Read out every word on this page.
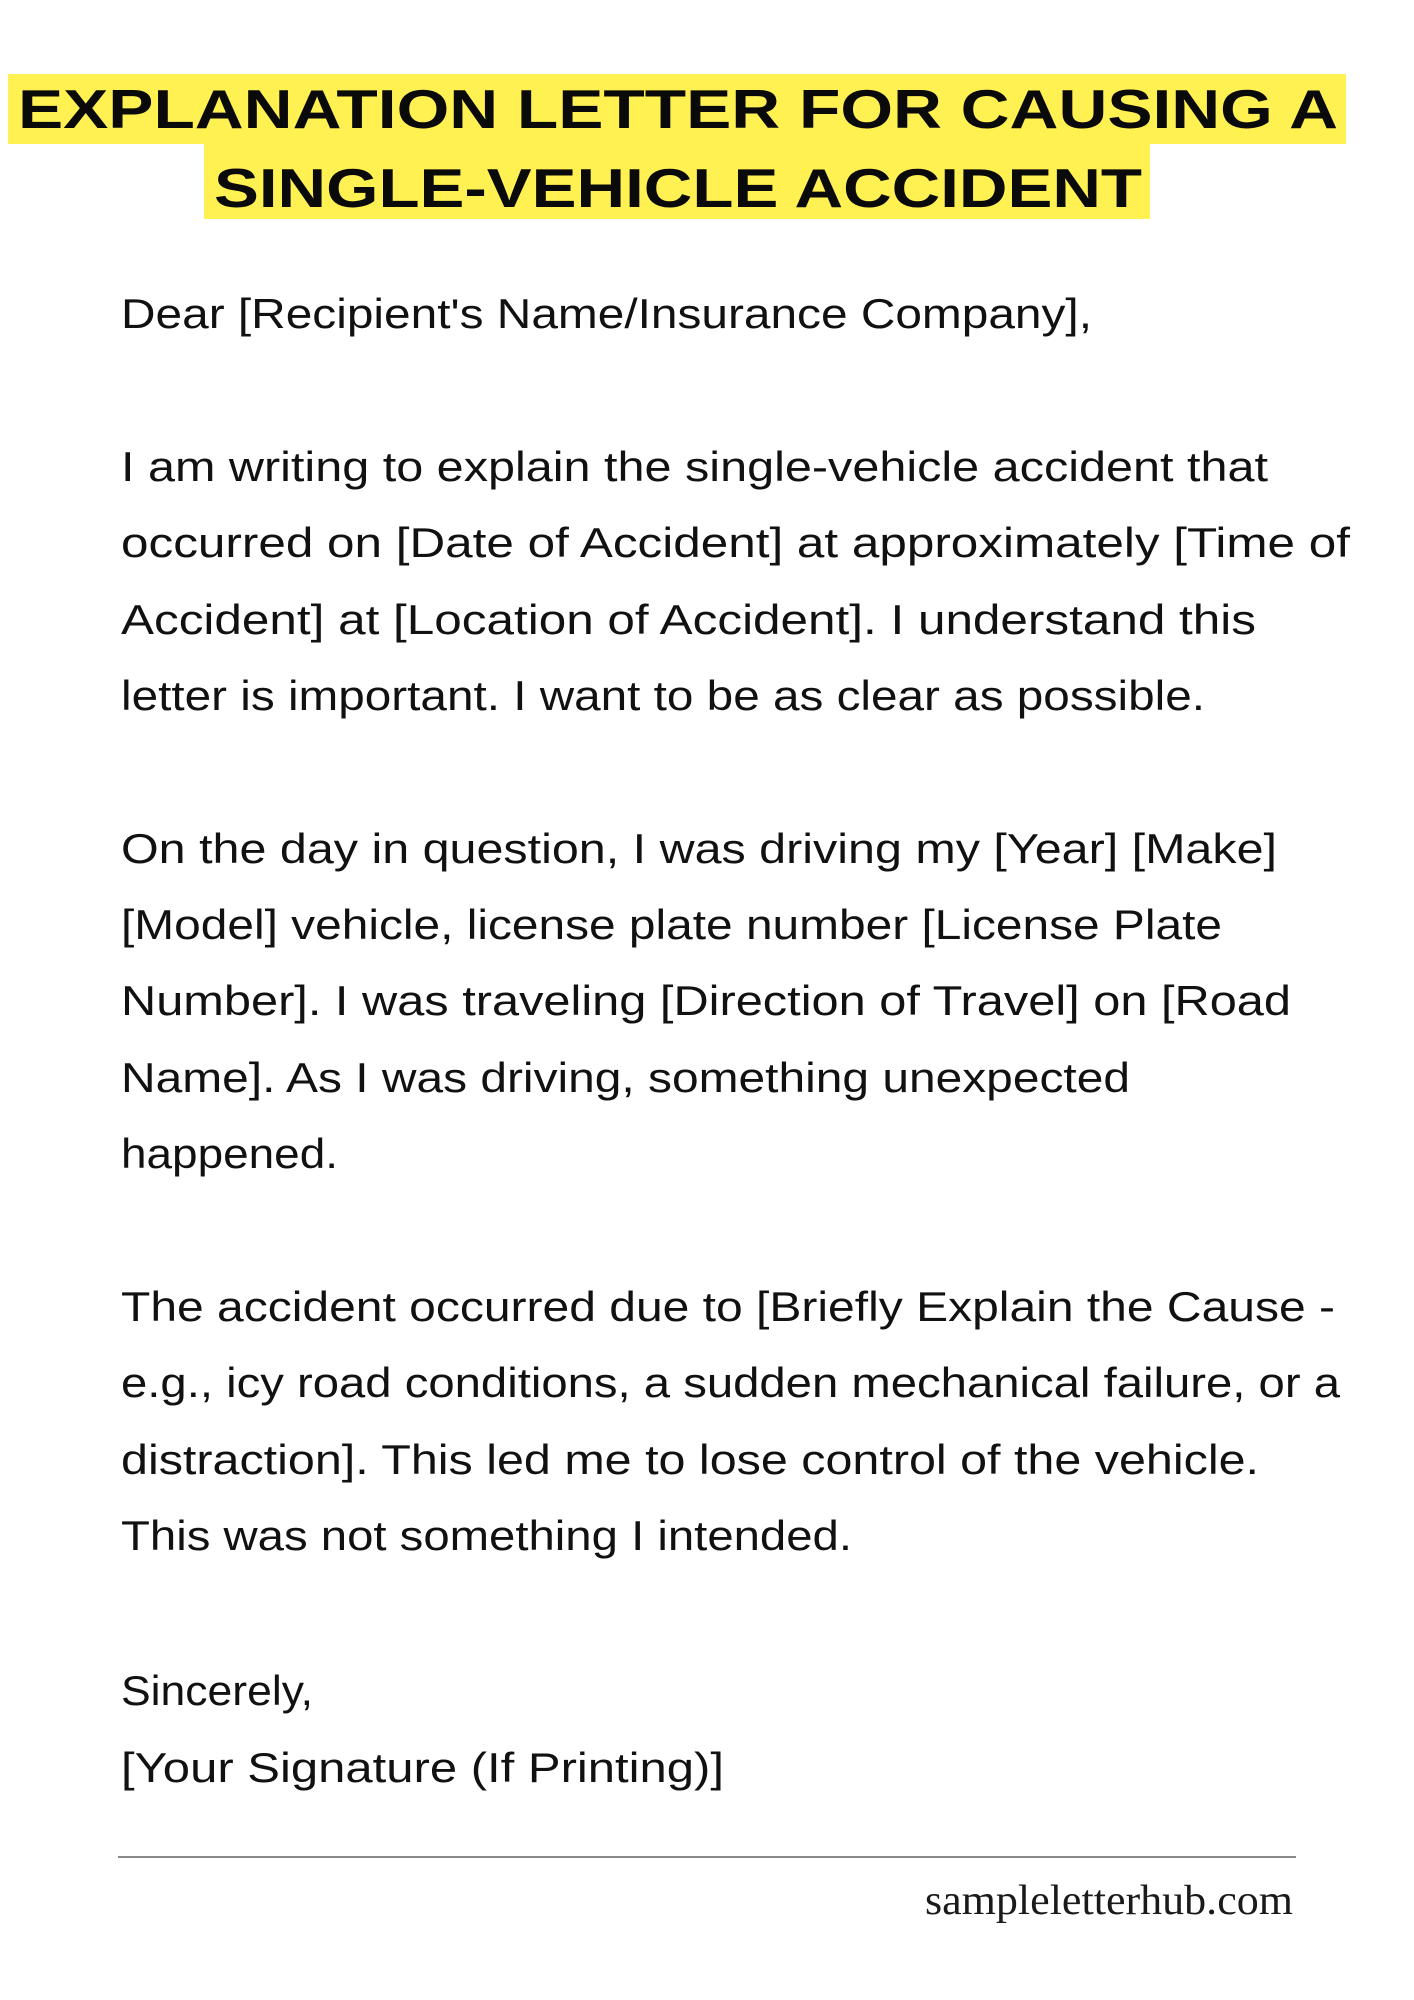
EXPLANATION LETTER FOR CAUSING A
SINGLE-VEHICLE ACCIDENT
Dear [Recipient's Name/Insurance Company],
I am writing to explain the single-vehicle accident that
occurred on [Date of Accident] at approximately [Time of
Accident] at [Location of Accident]. I understand this
letter is important. I want to be as clear as possible.
On the day in question, I was driving my [Year] [Make]
[Model] vehicle, license plate number [License Plate
Number]. I was traveling [Direction of Travel] on [Road
Name]. As I was driving, something unexpected
happened.
The accident occurred due to [Briefly Explain the Cause -
e.g., icy road conditions, a sudden mechanical failure, or a
distraction]. This led me to lose control of the vehicle.
This was not something I intended.
Sincerely,
[Your Signature (If Printing)]
sampleletterhub.com
